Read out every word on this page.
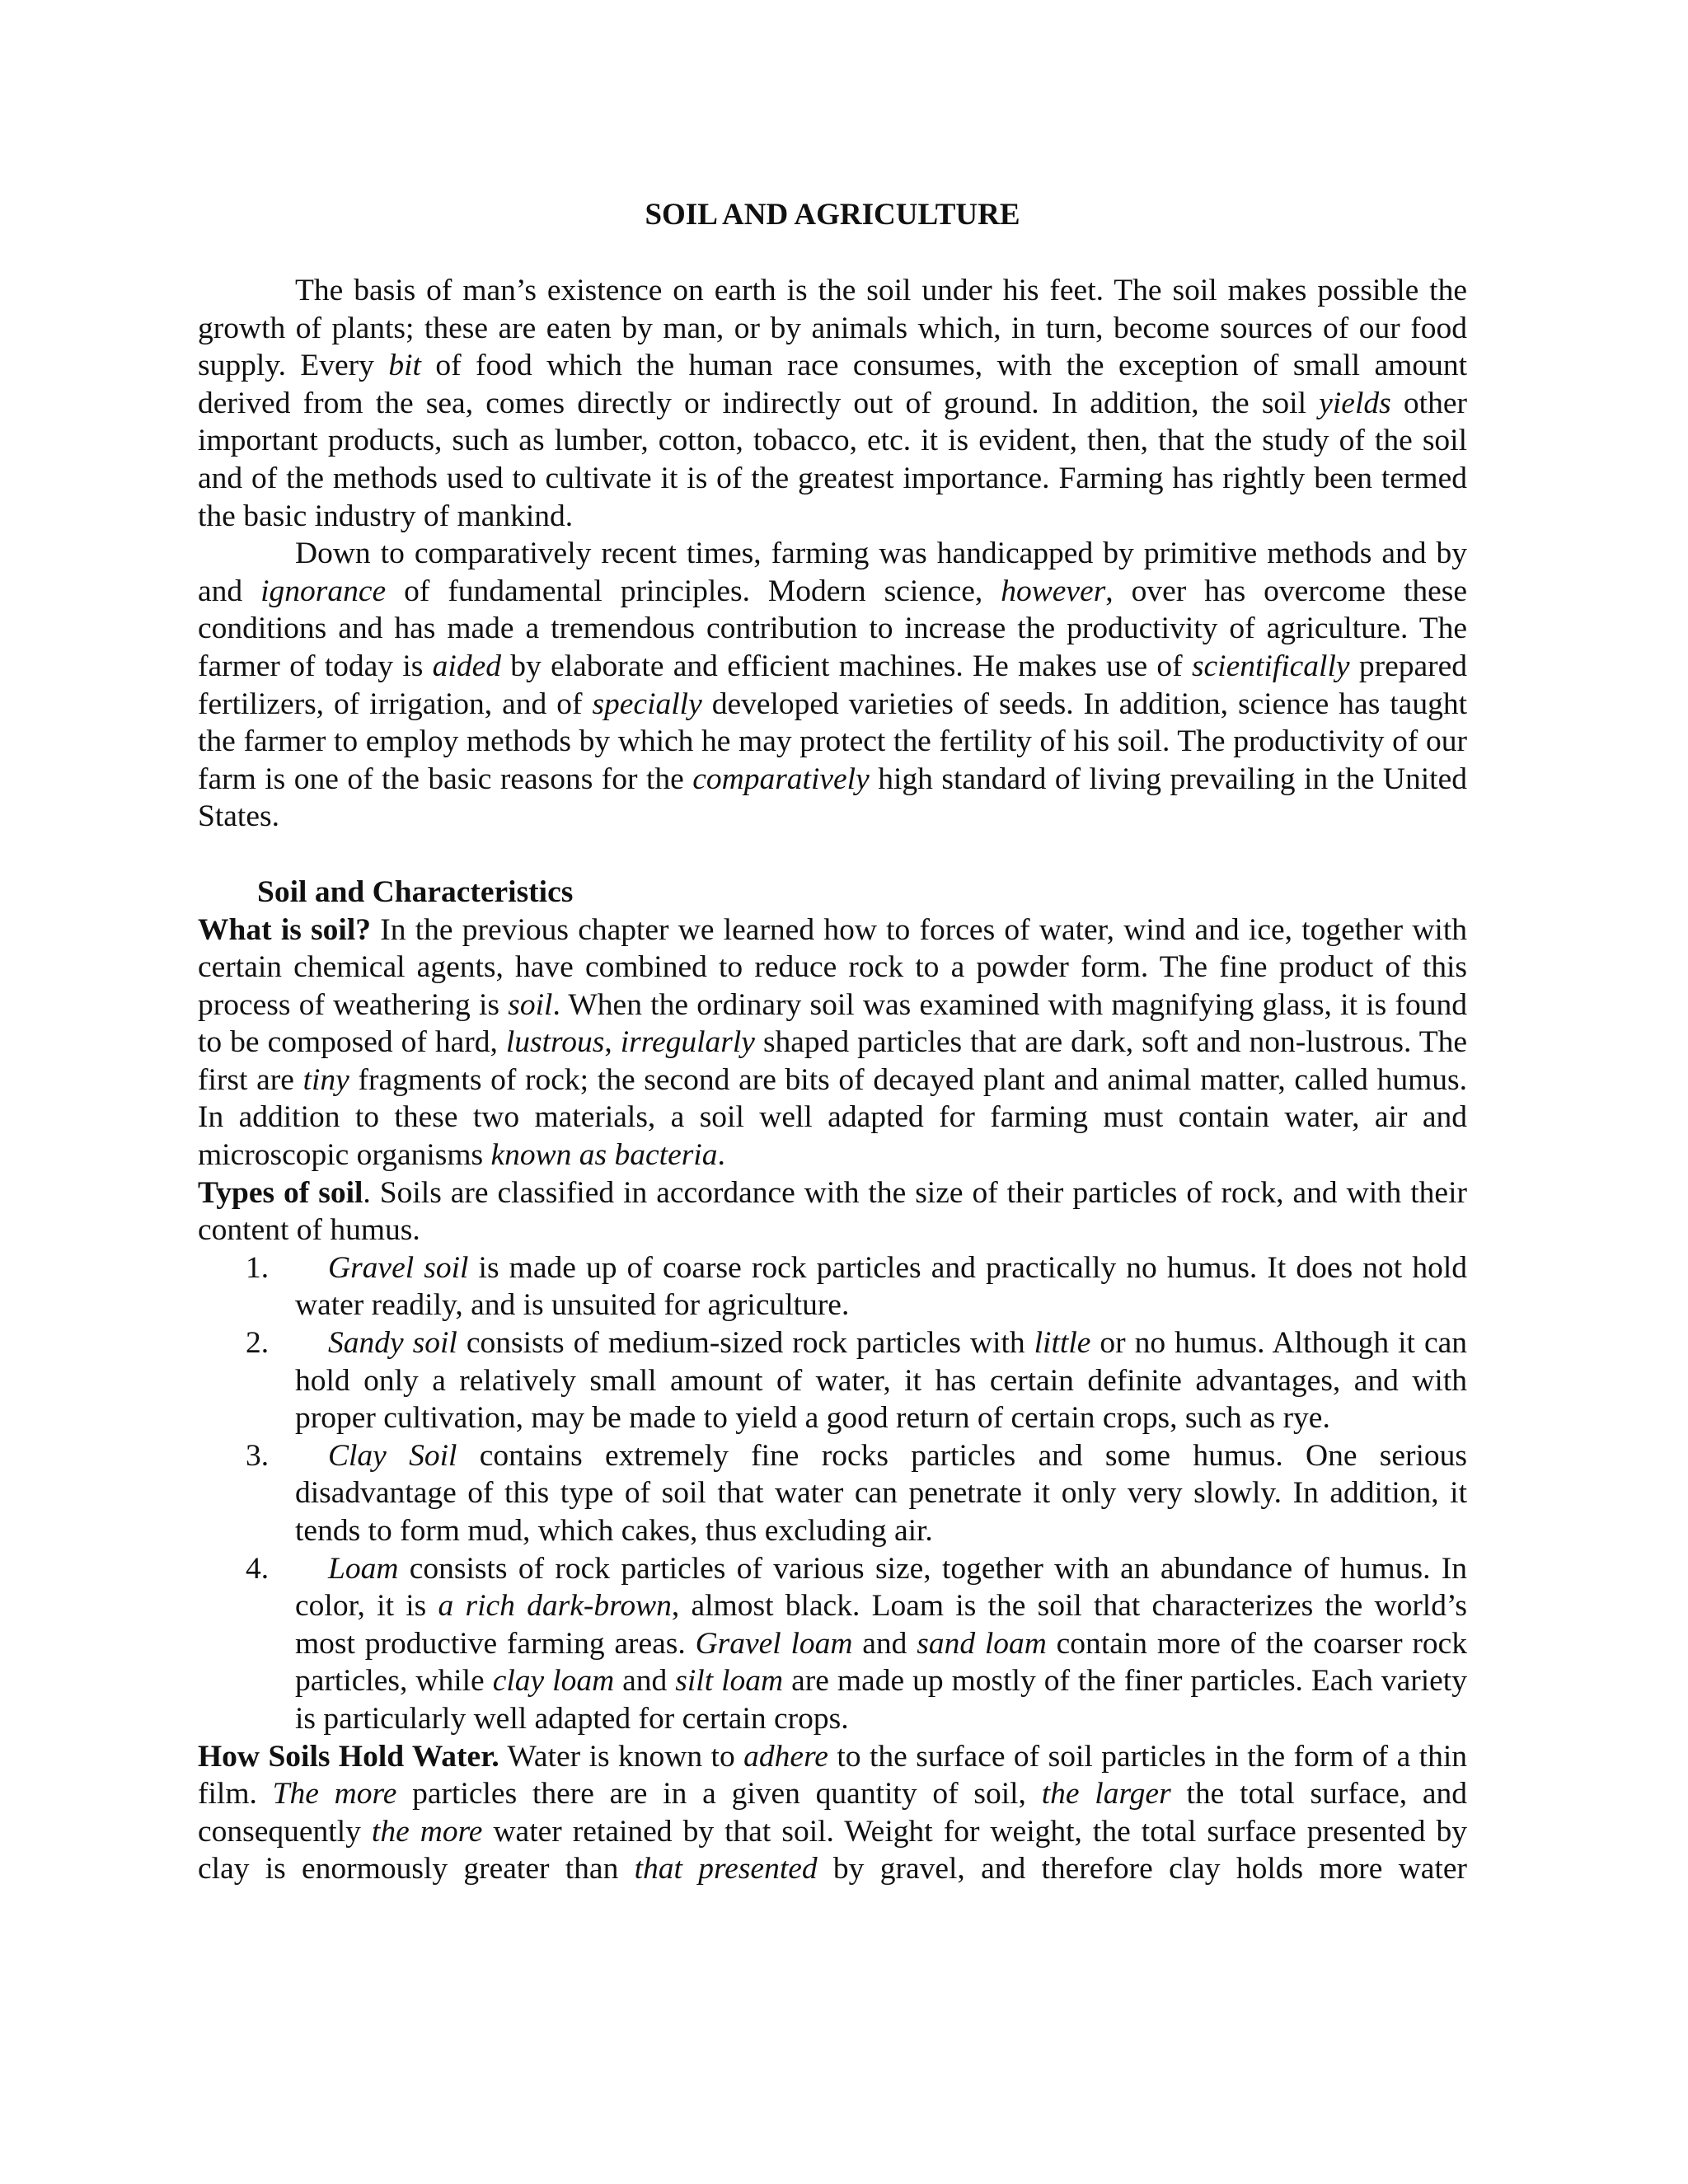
SOIL AND AGRICULTURE

The basis of man’s existence on earth is the soil under his feet. The soil makes possible the growth of plants; these are eaten by man, or by animals which, in turn, become sources of our food supply. Every bit of food which the human race consumes, with the exception of small amount derived from the sea, comes directly or indirectly out of ground. In addition, the soil yields other important products, such as lumber, cotton, tobacco, etc. it is evident, then, that the study of the soil and of the methods used to cultivate it is of the greatest importance. Farming has rightly been termed the basic industry of mankind.

Down to comparatively recent times, farming was handicapped by primitive methods and by and ignorance of fundamental principles. Modern science, however, over has overcome these conditions and has made a tremendous contribution to increase the productivity of agriculture. The farmer of today is aided by elaborate and efficient machines. He makes use of scientifically prepared fertilizers, of irrigation, and of specially developed varieties of seeds. In addition, science has taught the farmer to employ methods by which he may protect the fertility of his soil. The productivity of our farm is one of the basic reasons for the comparatively high standard of living prevailing in the United States.

Soil and Characteristics

What is soil? In the previous chapter we learned how to forces of water, wind and ice, together with certain chemical agents, have combined to reduce rock to a powder form. The fine product of this process of weathering is soil. When the ordinary soil was examined with magnifying glass, it is found to be composed of hard, lustrous, irregularly shaped particles that are dark, soft and non-lustrous. The first are tiny fragments of rock; the second are bits of decayed plant and animal matter, called humus. In addition to these two materials, a soil well adapted for farming must contain water, air and microscopic organisms known as bacteria.

Types of soil. Soils are classified in accordance with the size of their particles of rock, and with their content of humus.

1. Gravel soil is made up of coarse rock particles and practically no humus. It does not hold water readily, and is unsuited for agriculture.
2. Sandy soil consists of medium-sized rock particles with little or no humus. Although it can hold only a relatively small amount of water, it has certain definite advantages, and with proper cultivation, may be made to yield a good return of certain crops, such as rye.
3. Clay Soil contains extremely fine rocks particles and some humus. One serious disadvantage of this type of soil that water can penetrate it only very slowly. In addition, it tends to form mud, which cakes, thus excluding air.
4. Loam consists of rock particles of various size, together with an abundance of humus. In color, it is a rich dark-brown, almost black. Loam is the soil that characterizes the world’s most productive farming areas. Gravel loam and sand loam contain more of the coarser rock particles, while clay loam and silt loam are made up mostly of the finer particles. Each variety is particularly well adapted for certain crops.

How Soils Hold Water. Water is known to adhere to the surface of soil particles in the form of a thin film. The more particles there are in a given quantity of soil, the larger the total surface, and consequently the more water retained by that soil. Weight for weight, the total surface presented by clay is enormously greater than that presented by gravel, and therefore clay holds more water
